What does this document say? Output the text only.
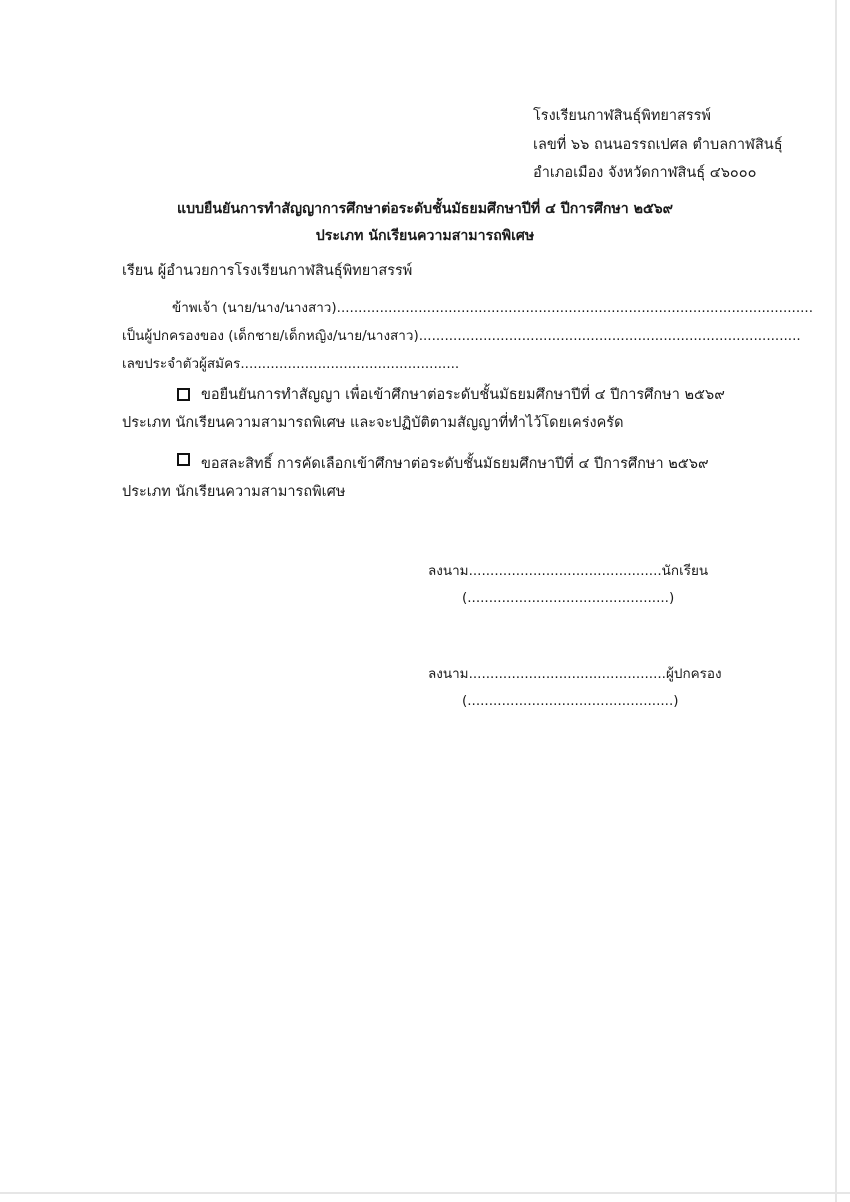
โรงเรียนกาฬสินธุ์พิทยาสรรพ์
เลขที่ ๖๖ ถนนอรรถเปศล ตำบลกาฬสินธุ์
อำเภอเมือง จังหวัดกาฬสินธุ์ ๔๖๐๐๐
แบบยืนยันการทำสัญญาการศึกษาต่อระดับชั้นมัธยมศึกษาปีที่ ๔ ปีการศึกษา ๒๕๖๙
ประเภท นักเรียนความสามารถพิเศษ
เรียน ผู้อำนวยการโรงเรียนกาฬสินธุ์พิทยาสรรพ์
ข้าพเจ้า (นาย/นาง/นางสาว)...............................................................................................................
เป็นผู้ปกครองของ (เด็กชาย/เด็กหญิง/นาย/นางสาว).........................................................................................
เลขประจำตัวผู้สมัคร...................................................
ขอยืนยันการทำสัญญา เพื่อเข้าศึกษาต่อระดับชั้นมัธยมศึกษาปีที่ ๔ ปีการศึกษา ๒๕๖๙
ประเภท นักเรียนความสามารถพิเศษ และจะปฏิบัติตามสัญญาที่ทำไว้โดยเคร่งครัด
ขอสละสิทธิ์ การคัดเลือกเข้าศึกษาต่อระดับชั้นมัธยมศึกษาปีที่ ๔ ปีการศึกษา ๒๕๖๙
ประเภท นักเรียนความสามารถพิเศษ
ลงนาม.............................................นักเรียน
(...............................................)
ลงนาม..............................................ผู้ปกครอง
(................................................)
